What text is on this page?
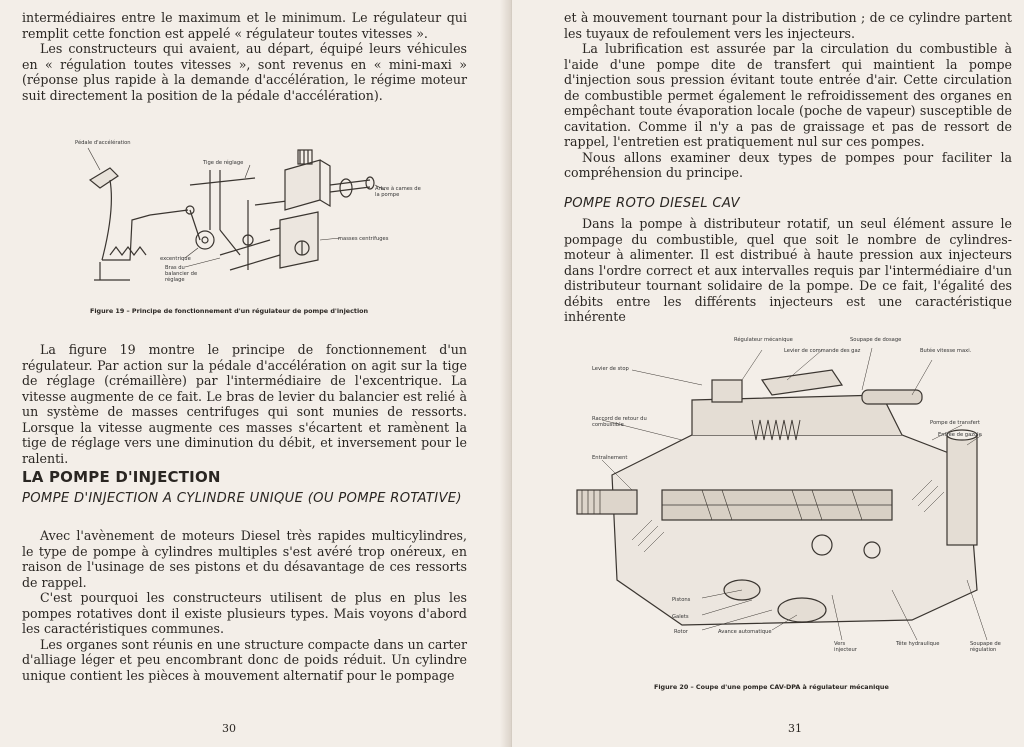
intermédiaires entre le maximum et le minimum. Le régulateur qui remplit cette fonction est appelé « régulateur toutes vitesses ».

Les constructeurs qui avaient, au départ, équipé leurs véhicules en « régulation toutes vitesses », sont revenus en « mini-maxi » (réponse plus rapide à la demande d'accélération, le régime moteur suit directement la position de la pédale d'accélération).

Pédale d'accélération
Tige de réglage
Arbre à cames de la pompe
masses centrifuges
excentrique
Bras du balancier de réglage
Figure 19 – Principe de fonctionnement d'un régulateur de pompe d'injection

La figure 19 montre le principe de fonctionnement d'un régulateur. Par action sur la pédale d'accélération on agit sur la tige de réglage (crémaillère) par l'intermédiaire de l'excentrique. La vitesse augmente de ce fait. Le bras de levier du balancier est relié à un système de masses centrifuges qui sont munies de ressorts. Lorsque la vitesse augmente ces masses s'écartent et ramènent la tige de réglage vers une diminution du débit, et inversement pour le ralenti.

LA POMPE D'INJECTION
POMPE D'INJECTION A CYLINDRE UNIQUE (OU POMPE ROTATIVE)

Avec l'avènement de moteurs Diesel très rapides multicylindres, le type de pompe à cylindres multiples s'est avéré trop onéreux, en raison de l'usinage de ses pistons et du désavantage de ces ressorts de rappel.

C'est pourquoi les constructeurs utilisent de plus en plus les pompes rotatives dont il existe plusieurs types. Mais voyons d'abord les caractéristiques communes.

Les organes sont réunis en une structure compacte dans un carter d'alliage léger et peu encombrant donc de poids réduit. Un cylindre unique contient les pièces à mouvement alternatif pour le pompage

30

et à mouvement tournant pour la distribution ; de ce cylindre partent les tuyaux de refoulement vers les injecteurs.

La lubrification est assurée par la circulation du combustible à l'aide d'une pompe dite de transfert qui maintient la pompe d'injection sous pression évitant toute entrée d'air. Cette circulation de combustible permet également le refroidissement des organes en empêchant toute évaporation locale (poche de vapeur) susceptible de cavitation. Comme il n'y a pas de graissage et pas de ressort de rappel, l'entretien est pratiquement nul sur ces pompes.

Nous allons examiner deux types de pompes pour faciliter la compréhension du principe.

POMPE ROTO DIESEL CAV

Dans la pompe à distributeur rotatif, un seul élément assure le pompage du combustible, quel que soit le nombre de cylindres-moteur à alimenter. Il est distribué à haute pression aux injecteurs dans l'ordre correct et aux intervalles requis par l'intermédiaire d'un distributeur tournant solidaire de la pompe. De ce fait, l'égalité des débits entre les différents injecteurs est une caractéristique inhérente

Régulateur mécanique	Soupape de dosage
Levier de commande des gaz	Butée vitesse maxi.
Levier de stop
Raccord de retour du combustible	Pompe de transfert
Entrée de gazole
Entraînement
Pistons
Galets
Rotor	Avance automatique
Vers injecteur
Tête hydraulique	Soupape de régulation
Figure 20 – Coupe d'une pompe CAV-DPA à régulateur mécanique
31
